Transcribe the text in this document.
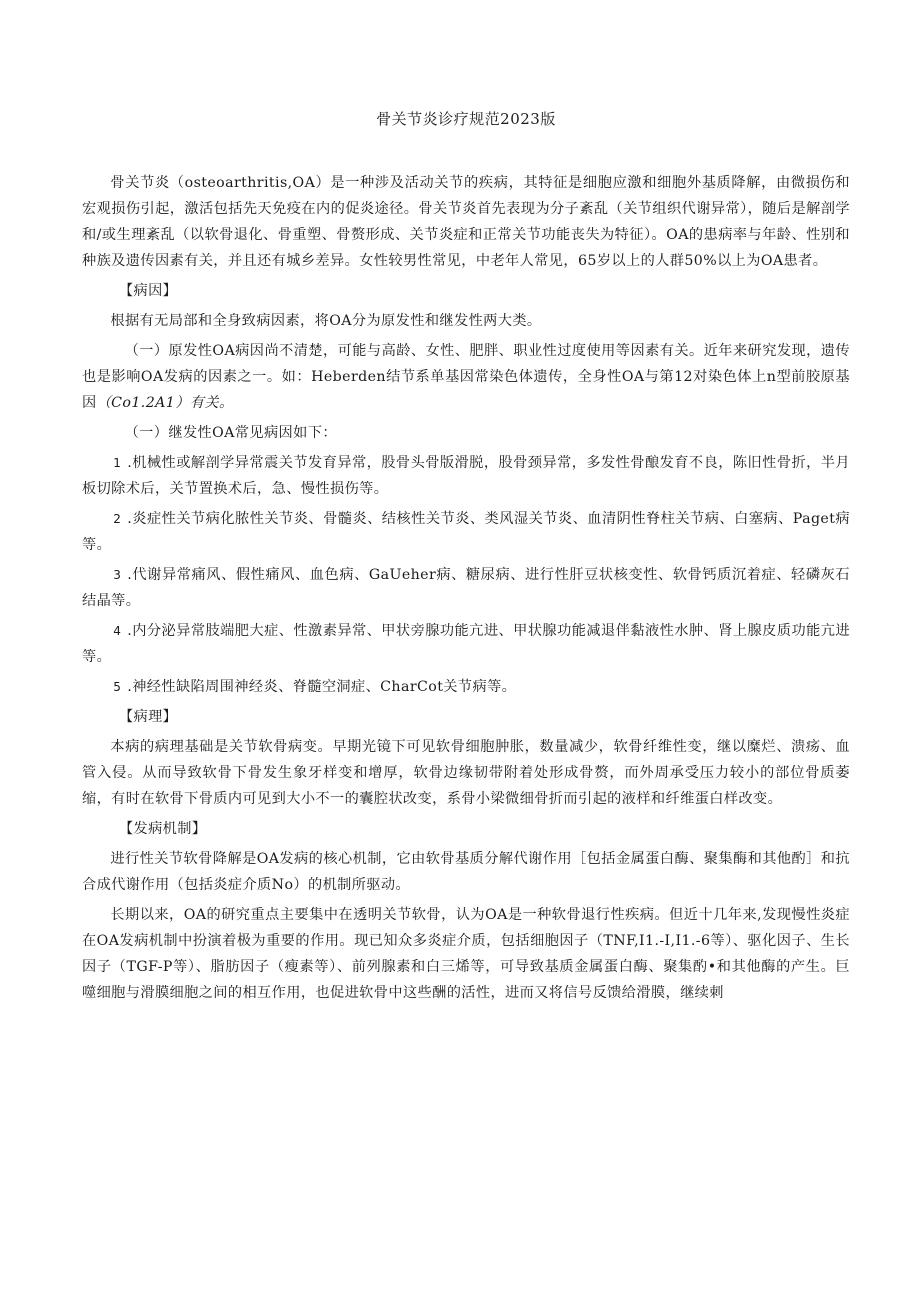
骨关节炎诊疗规范2023版

骨关节炎（osteoarthritis,OA）是一种涉及活动关节的疾病，其特征是细胞应激和细胞外基质降解，由微损伤和宏观损伤引起，激活包括先天免疫在内的促炎途径。骨关节炎首先表现为分子紊乱（关节组织代谢异常），随后是解剖学和/或生理紊乱（以软骨退化、骨重塑、骨赘形成、关节炎症和正常关节功能丧失为特征）。OA的患病率与年龄、性别和种族及遗传因素有关，并且还有城乡差异。女性较男性常见，中老年人常见，65岁以上的人群50%以上为OA患者。

【病因】

根据有无局部和全身致病因素，将OA分为原发性和继发性两大类。

（一）原发性OA病因尚不清楚，可能与高龄、女性、肥胖、职业性过度使用等因素有关。近年来研究发现，遗传也是影响OA发病的因素之一。如：Heberden结节系单基因常染色体遗传，全身性OA与第12对染色体上n型前胶原基因（Co1.2A1）有关。

（一）继发性OA常见病因如下：

1 .机械性或解剖学异常震关节发育异常，股骨头骨版滑脱，股骨颈异常，多发性骨酿发育不良，陈旧性骨折，半月板切除术后，关节置换术后，急、慢性损伤等。

2 .炎症性关节病化脓性关节炎、骨髓炎、结核性关节炎、类风湿关节炎、血清阴性脊柱关节病、白塞病、Paget病等。

3 .代谢异常痛风、假性痛风、血色病、GaUeher病、糖尿病、进行性肝豆状核变性、软骨钙质沉着症、轻磷灰石结晶等。

4 .内分泌异常肢端肥大症、性激素异常、甲状旁腺功能亢进、甲状腺功能减退伴黏液性水肿、肾上腺皮质功能亢进等。

5 .神经性缺陷周围神经炎、脊髓空洞症、CharCot关节病等。

【病理】

本病的病理基础是关节软骨病变。早期光镜下可见软骨细胞肿胀，数量减少，软骨纤维性变，继以糜烂、溃疡、血管入侵。从而导致软骨下骨发生象牙样变和增厚，软骨边缘韧带附着处形成骨赘，而外周承受压力较小的部位骨质萎缩，有时在软骨下骨质内可见到大小不一的囊腔状改变，系骨小梁微细骨折而引起的液样和纤维蛋白样改变。

【发病机制】

进行性关节软骨降解是OA发病的核心机制，它由软骨基质分解代谢作用［包括金属蛋白酶、聚集酶和其他酌］和抗合成代谢作用（包括炎症介质No）的机制所驱动。

长期以来，OA的研究重点主要集中在透明关节软骨，认为OA是一种软骨退行性疾病。但近十几年来,发现慢性炎症在OA发病机制中扮演着极为重要的作用。现已知众多炎症介质，包括细胞因子（TNF,I1.-I,I1.-6等）、驱化因子、生长因子（TGF-P等）、脂肪因子（瘦素等）、前列腺素和白三烯等，可导致基质金属蛋白酶、聚集酌•和其他酶的产生。巨噬细胞与滑膜细胞之间的相互作用，也促进软骨中这些酬的活性，进而又将信号反馈给滑膜，继续刺
